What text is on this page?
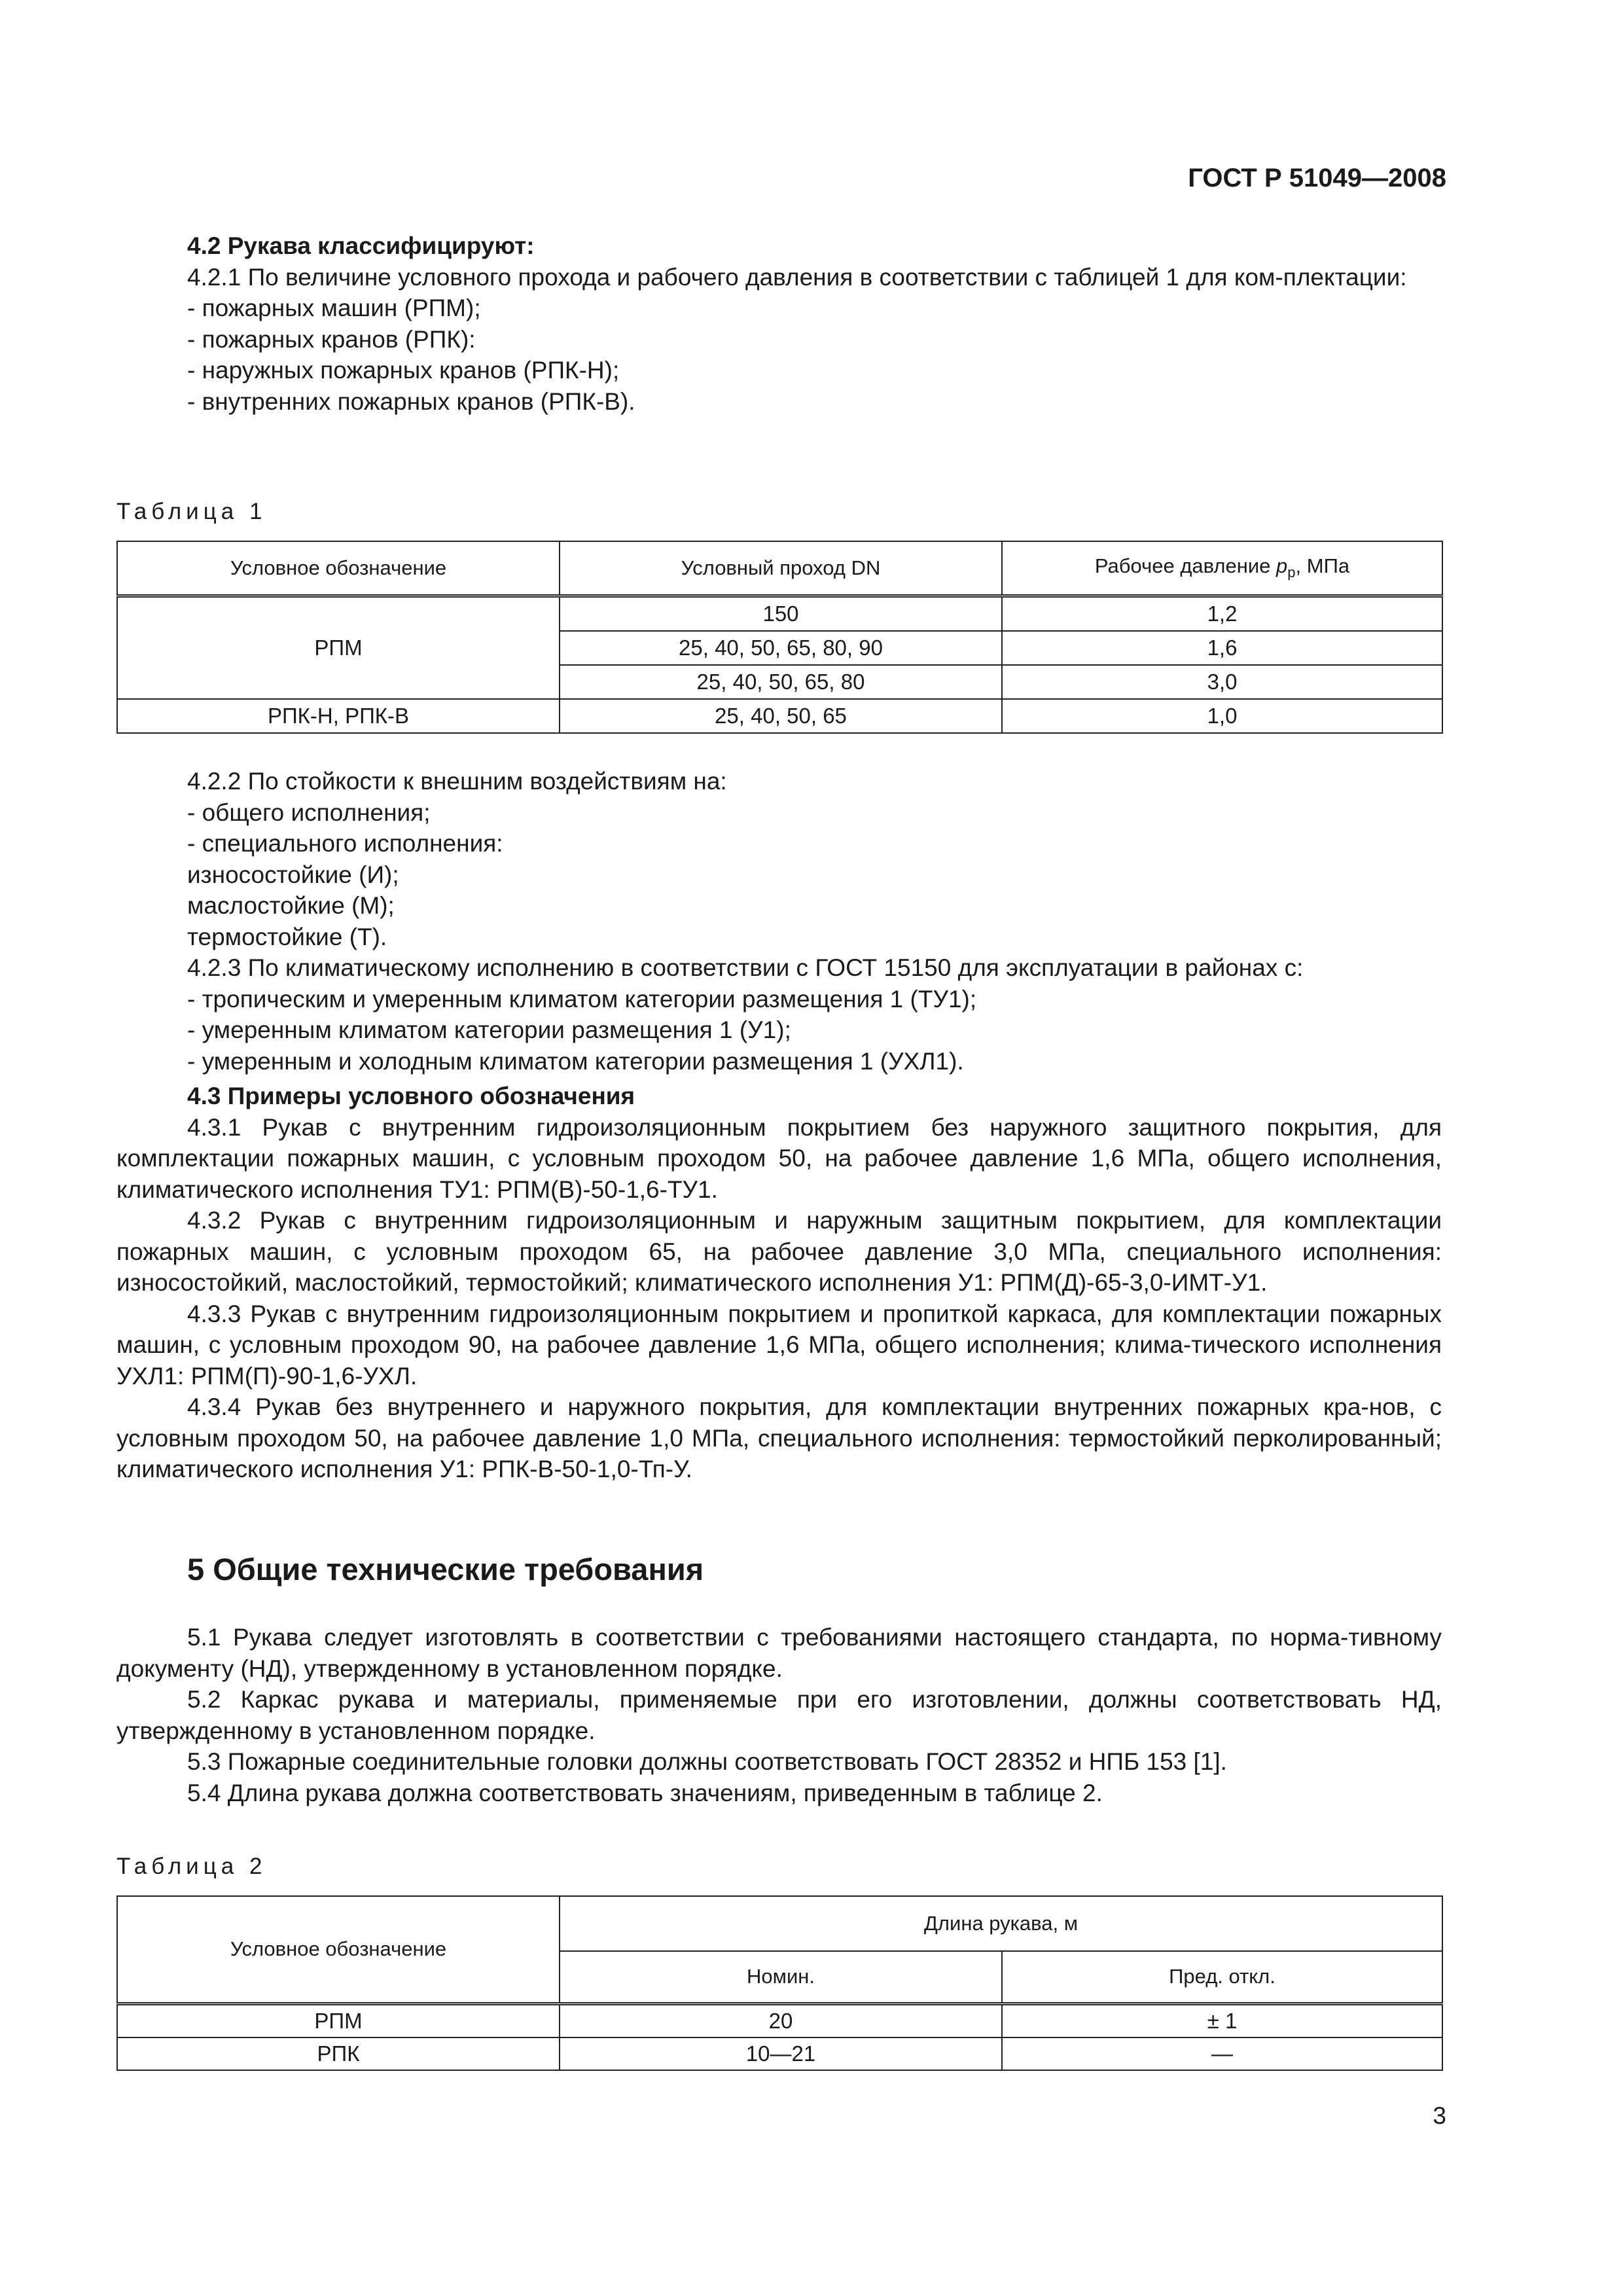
ГОСТ Р 51049—2008

4.2 Рукава классифицируют:

4.2.1 По величине условного прохода и рабочего давления в соответствии с таблицей 1 для ком-плектации:

- пожарных машин (РПМ);

- пожарных кранов (РПК):

- наружных пожарных кранов (РПК-Н);

- внутренних пожарных кранов (РПК-В).

Таблица 1
Условное обозначение	Условный проход DN	Рабочее давление $p_р$, МПа
РПМ	150	1,2
	25, 40, 50, 65, 80, 90	1,6
	25, 40, 50, 65, 80	3,0
РПК-Н, РПК-В	25, 40, 50, 65	1,0

4.2.2 По стойкости к внешним воздействиям на:

- общего исполнения;

- специального исполнения:

износостойкие (И);

маслостойкие (М);

термостойкие (Т).

4.2.3 По климатическому исполнению в соответствии с ГОСТ 15150 для эксплуатации в районах с:

- тропическим и умеренным климатом категории размещения 1 (ТУ1);

- умеренным климатом категории размещения 1 (У1);

- умеренным и холодным климатом категории размещения 1 (УХЛ1).

4.3 Примеры условного обозначения

4.3.1 Рукав с внутренним гидроизоляционным покрытием без наружного защитного покрытия, для комплектации пожарных машин, с условным проходом 50, на рабочее давление 1,6 МПа, общего исполнения, климатического исполнения ТУ1: РПМ(В)-50-1,6-ТУ1.

4.3.2 Рукав с внутренним гидроизоляционным и наружным защитным покрытием, для комплектации пожарных машин, с условным проходом 65, на рабочее давление 3,0 МПа, специального исполнения: износостойкий, маслостойкий, термостойкий; климатического исполнения У1: РПМ(Д)-65-3,0-ИМТ-У1.

4.3.3 Рукав с внутренним гидроизоляционным покрытием и пропиткой каркаса, для комплектации пожарных машин, с условным проходом 90, на рабочее давление 1,6 МПа, общего исполнения; клима-тического исполнения УХЛ1: РПМ(П)-90-1,6-УХЛ.

4.3.4 Рукав без внутреннего и наружного покрытия, для комплектации внутренних пожарных кра-нов, с условным проходом 50, на рабочее давление 1,0 МПа, специального исполнения: термостойкий перколированный; климатического исполнения У1: РПК-В-50-1,0-Тп-У.

5 Общие технические требования

5.1 Рукава следует изготовлять в соответствии с требованиями настоящего стандарта, по норма-тивному документу (НД), утвержденному в установленном порядке.

5.2 Каркас рукава и материалы, применяемые при его изготовлении, должны соответствовать НД, утвержденному в установленном порядке.

5.3 Пожарные соединительные головки должны соответствовать ГОСТ 28352 и НПБ 153 [1].

5.4 Длина рукава должна соответствовать значениям, приведенным в таблице 2.

Таблица 2
Условное обозначение	Длина рукава, м	
	Номин.	Пред. откл.
РПМ	20	± 1
РПК	10—21	—
3
